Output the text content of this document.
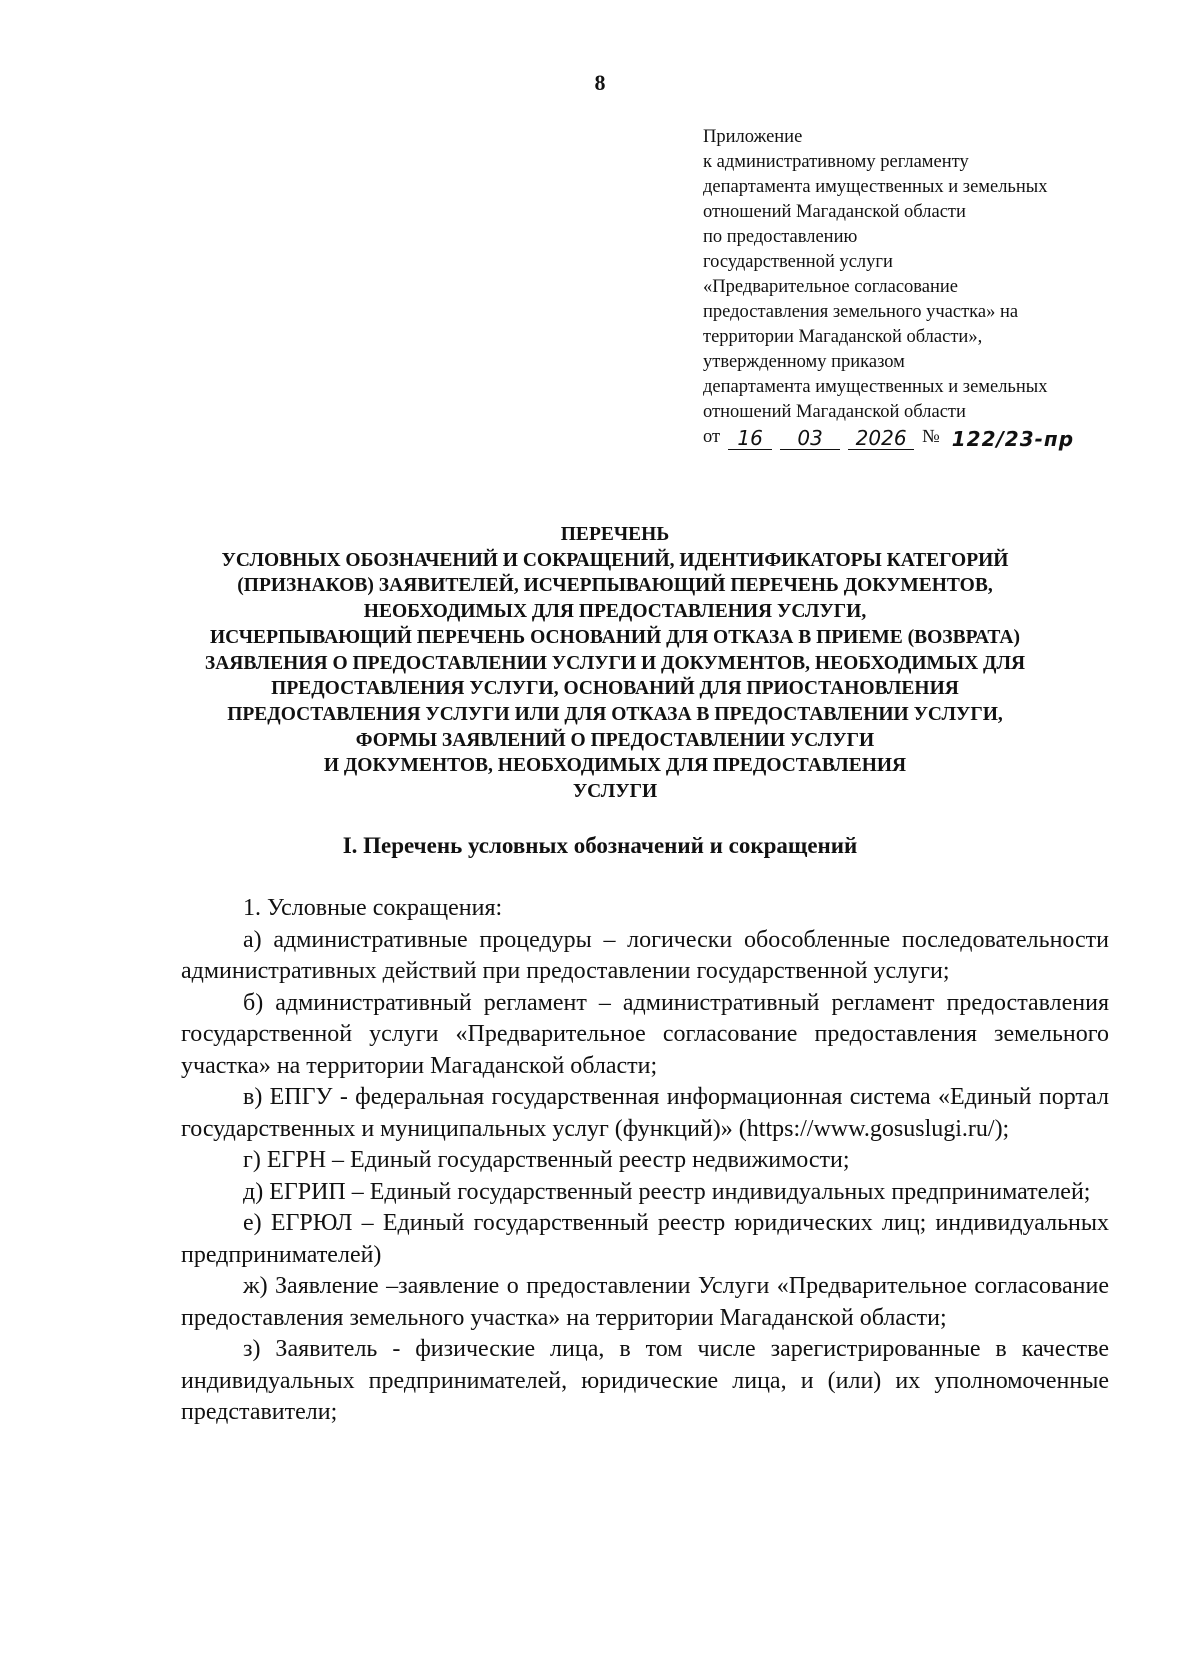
8
Приложение
к административному регламенту
департамента имущественных и земельных
отношений Магаданской области
по предоставлению
государственной услуги
«Предварительное согласование
предоставления земельного участка» на
территории Магаданской области»,
утвержденному приказом
департамента имущественных и земельных
отношений Магаданской области
от 16	03	2026 № 122/23-пр
ПЕРЕЧЕНЬ
УСЛОВНЫХ ОБОЗНАЧЕНИЙ И СОКРАЩЕНИЙ, ИДЕНТИФИКАТОРЫ КАТЕГОРИЙ
(ПРИЗНАКОВ) ЗАЯВИТЕЛЕЙ, ИСЧЕРПЫВАЮЩИЙ ПЕРЕЧЕНЬ ДОКУМЕНТОВ,
НЕОБХОДИМЫХ ДЛЯ ПРЕДОСТАВЛЕНИЯ УСЛУГИ,
ИСЧЕРПЫВАЮЩИЙ ПЕРЕЧЕНЬ ОСНОВАНИЙ ДЛЯ ОТКАЗА В ПРИЕМЕ (ВОЗВРАТА)
ЗАЯВЛЕНИЯ О ПРЕДОСТАВЛЕНИИ УСЛУГИ И ДОКУМЕНТОВ, НЕОБХОДИМЫХ ДЛЯ
ПРЕДОСТАВЛЕНИЯ УСЛУГИ, ОСНОВАНИЙ ДЛЯ ПРИОСТАНОВЛЕНИЯ
ПРЕДОСТАВЛЕНИЯ УСЛУГИ ИЛИ ДЛЯ ОТКАЗА В ПРЕДОСТАВЛЕНИИ УСЛУГИ,
ФОРМЫ ЗАЯВЛЕНИЙ О ПРЕДОСТАВЛЕНИИ УСЛУГИ
И ДОКУМЕНТОВ, НЕОБХОДИМЫХ ДЛЯ ПРЕДОСТАВЛЕНИЯ
УСЛУГИ
I. Перечень условных обозначений и сокращений

1. Условные сокращения:

а) административные процедуры – логически обособленные последовательности административных действий при предоставлении государственной услуги;

б) административный регламент – административный регламент предоставления государственной услуги «Предварительное согласование предоставления земельного участка» на территории Магаданской области;

в) ЕПГУ - федеральная государственная информационная система «Единый портал государственных и муниципальных услуг (функций)» (https://www.gosuslugi.ru/);

г) ЕГРН – Единый государственный реестр недвижимости;

д) ЕГРИП – Единый государственный реестр индивидуальных предпринимателей;

е) ЕГРЮЛ – Единый государственный реестр юридических лиц; индивидуальных предпринимателей)

ж) Заявление –заявление о предоставлении Услуги «Предварительное согласование предоставления земельного участка» на территории Магаданской области;

з) Заявитель - физические лица, в том числе зарегистрированные в качестве индивидуальных предпринимателей, юридические лица, и (или) их уполномоченные представители;
